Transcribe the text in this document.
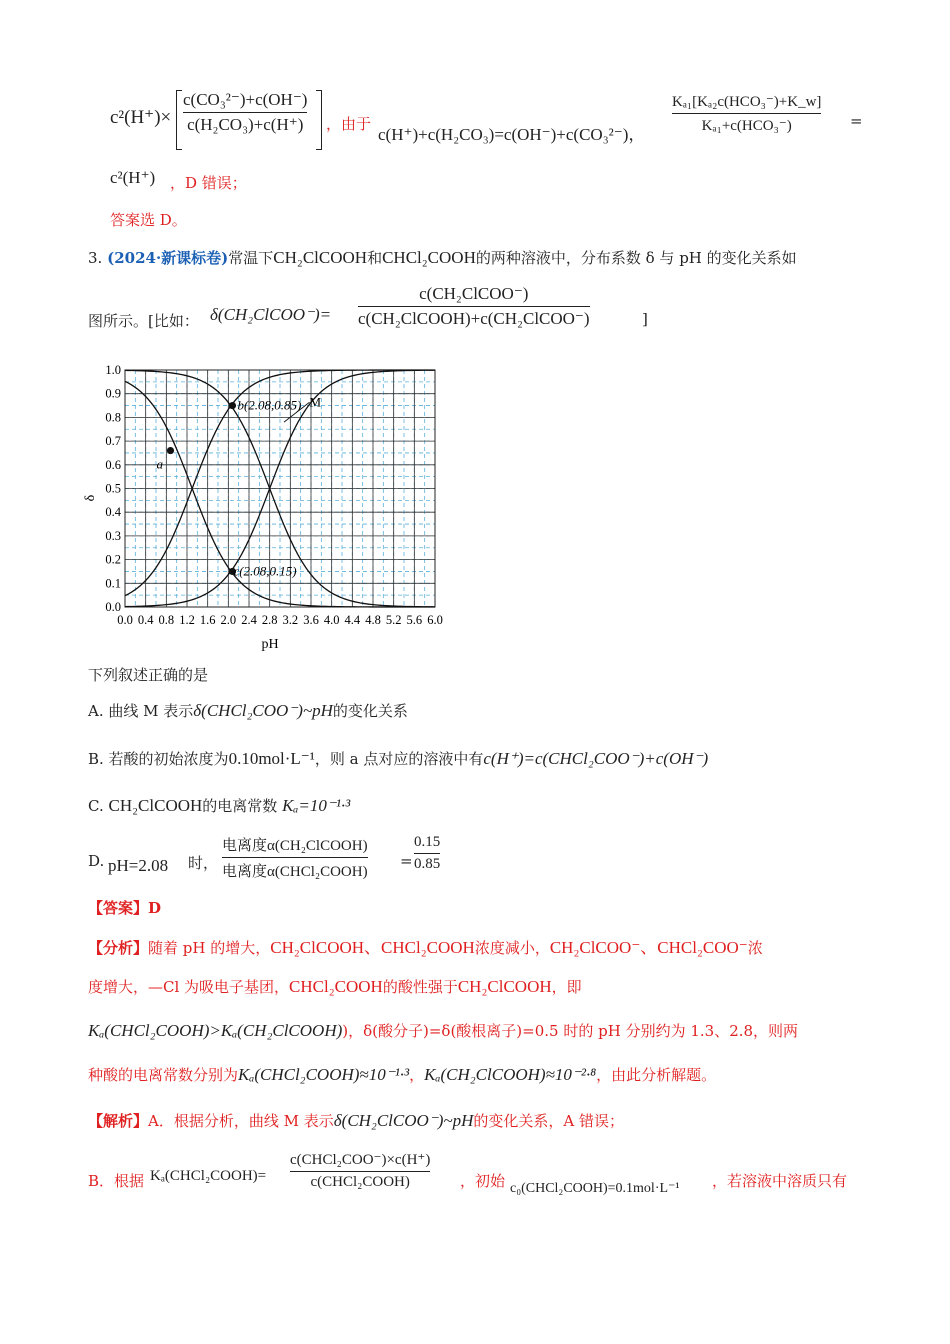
c²(H⁺)×
c(CO₃²⁻)+c(OH⁻)
c(H₂CO₃)+c(H⁺) ，由于
c(H⁺)+c(H₂CO₃)=c(OH⁻)+c(CO₃²⁻)，
Kₐ₁[Kₐ₂c(HCO₃⁻)+K_w]
Kₐ₁+c(HCO₃⁻)	=
c²(H⁺) ，D 错误；
答案选 D。
3. (2024·新课标卷)常温下CH₂ClCOOH和CHCl₂COOH的两种溶液中，分布系数 δ 与 pH 的变化关系如
图所示。[比如： δ(CH₂ClCOO⁻)=
c(CH₂ClCOO⁻)
c(CH₂ClCOOH)+c(CH₂ClCOO⁻)	]
0.0 0.4 0.8 1.2 1.6 2.0 2.4 2.8 3.2 3.6 4.0 4.4 4.8 5.2 5.6 6.0
0.0
0.1
0.2
0.3
0.4
0.5
0.6
0.7
0.8
0.9
1.0
a
b(2.08,0.85)
c(2.08,0.15)
M
pH
δ
下列叙述正确的是
A. 曲线 M 表示δ(CHCl₂COO⁻)~pH的变化关系
B. 若酸的初始浓度为0.10mol·L⁻¹，则 a 点对应的溶液中有c(H⁺)=c(CHCl₂COO⁻)+c(OH⁻)
C. CH₂ClCOOH的电离常数 Kₐ=10⁻¹·³
D. pH=2.08 时，
电离度α(CH₂ClCOOH)
电离度α(CHCl₂COOH)
=
0.15
0.85
【答案】D
【分析】随着 pH 的增大，CH₂ClCOOH、CHCl₂COOH浓度减小，CH₂ClCOO⁻、CHCl₂COO⁻浓
度增大，—Cl 为吸电子基团，CHCl₂COOH的酸性强于CH₂ClCOOH，即
Kₐ(CHCl₂COOH)>Kₐ(CH₂ClCOOH))，δ(酸分子)=δ(酸根离子)=0.5 时的 pH 分别约为 1.3、2.8，则两
种酸的电离常数分别为Kₐ(CHCl₂COOH)≈10⁻¹·³，Kₐ(CH₂ClCOOH)≈10⁻²·⁸，由此分析解题。
【解析】A．根据分析，曲线 M 表示δ(CH₂ClCOO⁻)~pH的变化关系，A 错误；
B．根据 Kₐ(CHCl₂COOH)=
c(CHCl₂COO⁻)×c(H⁺)
c(CHCl₂COOH)	，初始 c₀(CHCl₂COOH)=0.1mol·L⁻¹ ，若溶液中溶质只有
